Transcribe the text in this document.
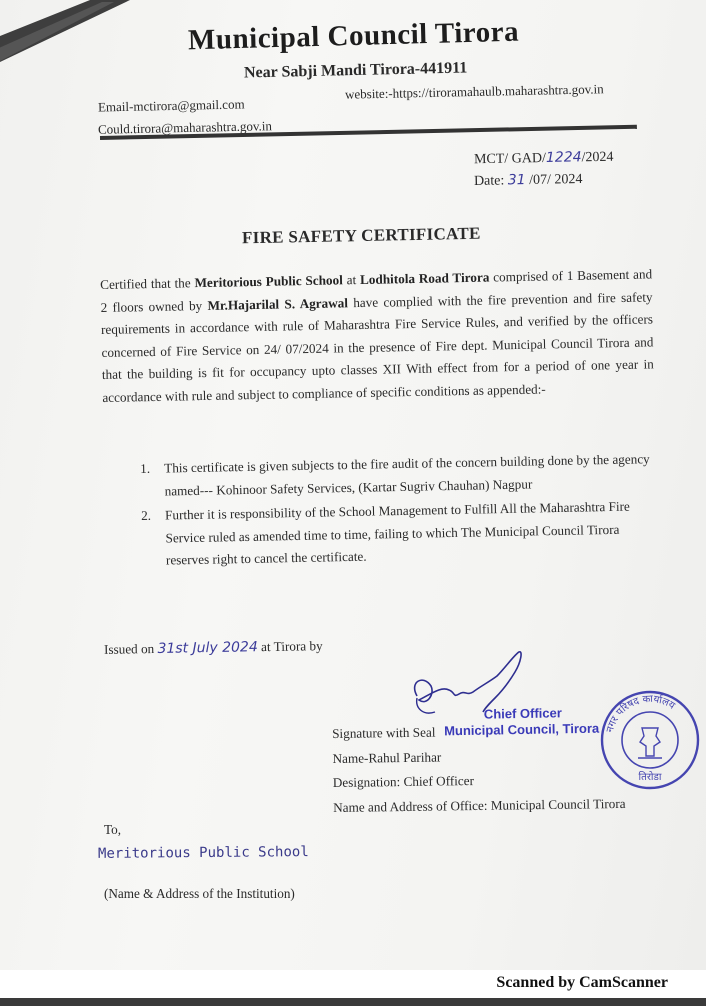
Municipal Council Tirora
Near Sabji Mandi Tirora-441911
Email-mctirora@gmail.com
website:-https://tiroramahaulb.maharashtra.gov.in
Could.tirora@maharashtra.gov.in
MCT/ GAD/1224/2024
Date: 31 /07/ 2024
FIRE SAFETY CERTIFICATE
Certified that the Meritorious Public School at Lodhitola Road Tirora comprised of 1 Basement and 2 floors owned by Mr.Hajarilal S. Agrawal have complied with the fire prevention and fire safety requirements in accordance with rule of Maharashtra Fire Service Rules, and verified by the officers concerned of Fire Service on 24/ 07/2024 in the presence of Fire dept. Municipal Council Tirora and that the building is fit for occupancy upto classes XII With effect from for a period of one year in accordance with rule and subject to compliance of specific conditions as appended:-
1. This certificate is given subjects to the fire audit of the concern building done by the agency named--- Kohinoor Safety Services, (Kartar Sugriv Chauhan) Nagpur
2. Further it is responsibility of the School Management to Fulfill All the Maharashtra Fire Service ruled as amended time to time, failing to which The Municipal Council Tirora reserves right to cancel the certificate.
Issued on 31st July 2024 at Tirora by
Chief Officer
Municipal Council, Tirora
Signature with Seal
Name-Rahul Parihar
Designation: Chief Officer
Name and Address of Office: Municipal Council Tirora
नगर परिषद कार्यालय
तिरोडा
To,
Meritorious Public School
(Name & Address of the Institution)
Scanned by CamScanner
